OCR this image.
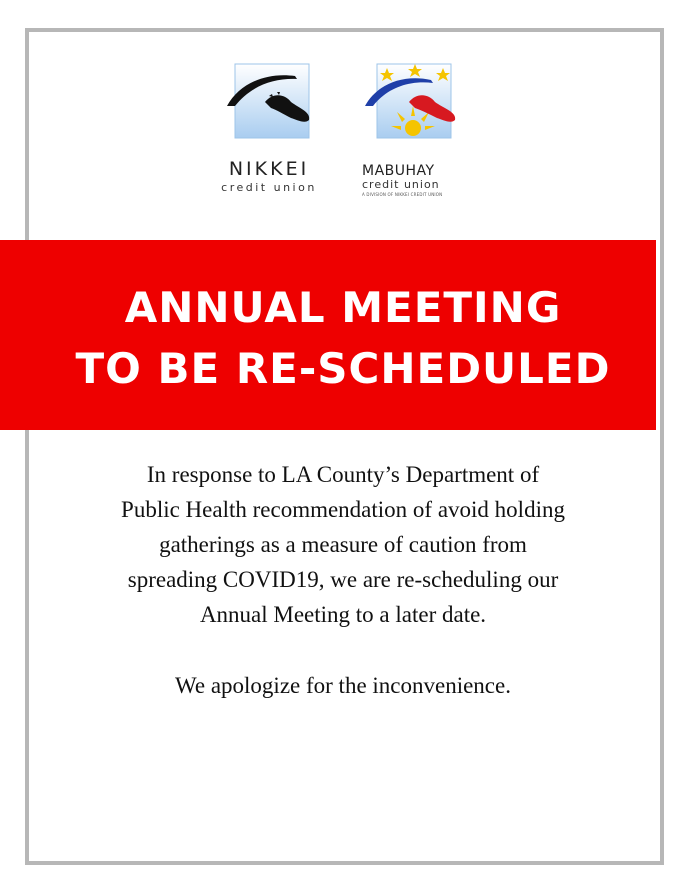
NIKKEI
credit union
MABUHAY
credit union
A DIVISION OF NIKKEI CREDIT UNION
ANNUAL MEETING
TO BE RE-SCHEDULED

In response to LA County’s Department of

Public Health recommendation of avoid holding

gatherings as a measure of caution from

spreading COVID19, we are re-scheduling our

Annual Meeting to a later date.

We apologize for the inconvenience.
